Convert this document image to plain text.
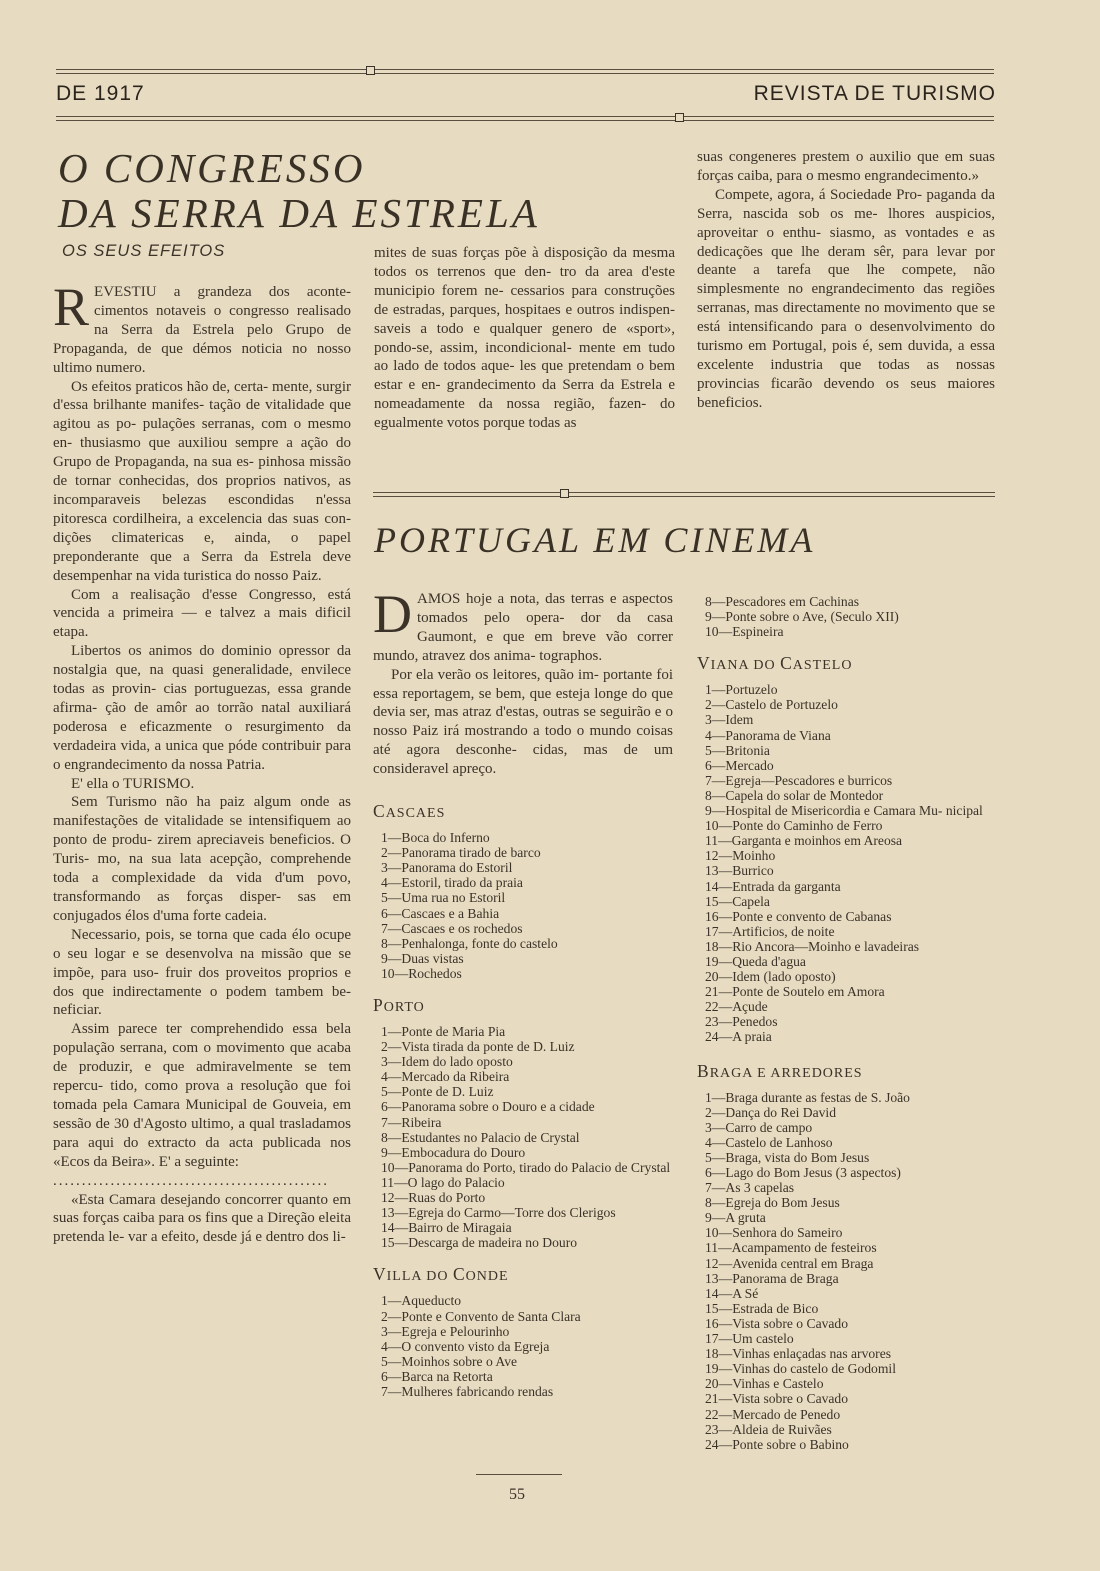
DE 1917	REVISTA DE TURISMO
O CONGRESSO
DA SERRA DA ESTRELA
OS SEUS EFEITOS
R EVESTIU a grandeza dos aconte- cimentos notaveis o congresso realisado na Serra da Estrela pelo Grupo de Propaganda, de que démos noticia no nosso ultimo numero.

Os efeitos praticos hão de, certa- mente, surgir d'essa brilhante manifes- tação de vitalidade que agitou as po- pulações serranas, com o mesmo en- thusiasmo que auxiliou sempre a ação do Grupo de Propaganda, na sua es- pinhosa missão de tornar conhecidas, dos proprios nativos, as incomparaveis belezas escondidas n'essa pitoresca cordilheira, a excelencia das suas con- dições climatericas e, ainda, o papel preponderante que a Serra da Estrela deve desempenhar na vida turistica do nosso Paiz.

Com a realisação d'esse Congresso, está vencida a primeira — e talvez a mais dificil etapa.

Libertos os animos do dominio opressor da nostalgia que, na quasi generalidade, envilece todas as provin- cias portuguezas, essa grande afirma- ção de amôr ao torrão natal auxiliará poderosa e eficazmente o resurgimento da verdadeira vida, a unica que póde contribuir para o engrandecimento da nossa Patria.

E' ella o TURISMO.

Sem Turismo não ha paiz algum onde as manifestações de vitalidade se intensifiquem ao ponto de produ- zirem apreciaveis beneficios. O Turis- mo, na sua lata acepção, comprehende toda a complexidade da vida d'um povo, transformando as forças disper- sas em conjugados élos d'uma forte cadeia.

Necessario, pois, se torna que cada élo ocupe o seu logar e se desenvolva na missão que se impõe, para uso- fruir dos proveitos proprios e dos que indirectamente o podem tambem be- neficiar.

Assim parece ter comprehendido essa bela população serrana, com o movimento que acaba de produzir, e que admiravelmente se tem repercu- tido, como prova a resolução que foi tomada pela Camara Municipal de Gouveia, em sessão de 30 d'Agosto ultimo, a qual trasladamos para aqui do extracto da acta publicada nos «Ecos da Beira». E' a seguinte:

................................................

«Esta Camara desejando concorrer quanto em suas forças caiba para os fins que a Direção eleita pretenda le- var a efeito, desde já e dentro dos li-

mites de suas forças põe à disposição da mesma todos os terrenos que den- tro da area d'este municipio forem ne- cessarios para construções de estradas, parques, hospitaes e outros indispen- saveis a todo e qualquer genero de «sport», pondo-se, assim, incondicional- mente em tudo ao lado de todos aque- les que pretendam o bem estar e en- grandecimento da Serra da Estrela e nomeadamente da nossa região, fazen- do egualmente votos porque todas as

suas congeneres prestem o auxilio que em suas forças caiba, para o mesmo engrandecimento.»

Compete, agora, á Sociedade Pro- paganda da Serra, nascida sob os me- lhores auspicios, aproveitar o enthu- siasmo, as vontades e as dedicações que lhe deram sêr, para levar por deante a tarefa que lhe compete, não simplesmente no engrandecimento das regiões serranas, mas directamente no movimento que se está intensificando para o desenvolvimento do turismo em Portugal, pois é, sem duvida, a essa excelente industria que todas as nossas provincias ficarão devendo os seus maiores beneficios.

PORTUGAL EM CINEMA
D AMOS hoje a nota, das terras e aspectos tomados pelo opera- dor da casa Gaumont, e que em breve vão correr mundo, atravez dos anima- tographos.

Por ela verão os leitores, quão im- portante foi essa reportagem, se bem, que esteja longe do que devia ser, mas atraz d'estas, outras se seguirão e o nosso Paiz irá mostrando a todo o mundo coisas até agora desconhe- cidas, mas de um consideravel apreço.

CASCAES
1—Boca do Inferno
2—Panorama tirado de barco
3—Panorama do Estoril
4—Estoril, tirado da praia
5—Uma rua no Estoril
6—Cascaes e a Bahia
7—Cascaes e os rochedos
8—Penhalonga, fonte do castelo
9—Duas vistas
10—Rochedos
PORTO
1—Ponte de Maria Pia
2—Vista tirada da ponte de D. Luiz
3—Idem do lado oposto
4—Mercado da Ribeira
5—Ponte de D. Luiz
6—Panorama sobre o Douro e a cidade
7—Ribeira
8—Estudantes no Palacio de Crystal
9—Embocadura do Douro
10—Panorama do Porto, tirado do Palacio de Crystal
11—O lago do Palacio
12—Ruas do Porto
13—Egreja do Carmo—Torre dos Clerigos
14—Bairro de Miragaia
15—Descarga de madeira no Douro
VILLA DO CONDE
1—Aqueducto
2—Ponte e Convento de Santa Clara
3—Egreja e Pelourinho
4—O convento visto da Egreja
5—Moinhos sobre o Ave
6—Barca na Retorta
7—Mulheres fabricando rendas
8—Pescadores em Cachinas
9—Ponte sobre o Ave, (Seculo XII)
10—Espineira
VIANA DO CASTELO
1—Portuzelo
2—Castelo de Portuzelo
3—Idem
4—Panorama de Viana
5—Britonia
6—Mercado
7—Egreja—Pescadores e burricos
8—Capela do solar de Montedor
9—Hospital de Misericordia e Camara Mu- nicipal
10—Ponte do Caminho de Ferro
11—Garganta e moinhos em Areosa
12—Moinho
13—Burrico
14—Entrada da garganta
15—Capela
16—Ponte e convento de Cabanas
17—Artificios, de noite
18—Rio Ancora—Moinho e lavadeiras
19—Queda d'agua
20—Idem (lado oposto)
21—Ponte de Soutelo em Amora
22—Açude
23—Penedos
24—A praia
BRAGA E ARREDORES
1—Braga durante as festas de S. João
2—Dança do Rei David
3—Carro de campo
4—Castelo de Lanhoso
5—Braga, vista do Bom Jesus
6—Lago do Bom Jesus (3 aspectos)
7—As 3 capelas
8—Egreja do Bom Jesus
9—A gruta
10—Senhora do Sameiro
11—Acampamento de festeiros
12—Avenida central em Braga
13—Panorama de Braga
14—A Sé
15—Estrada de Bico
16—Vista sobre o Cavado
17—Um castelo
18—Vinhas enlaçadas nas arvores
19—Vinhas do castelo de Godomil
20—Vinhas e Castelo
21—Vista sobre o Cavado
22—Mercado de Penedo
23—Aldeia de Ruivães
24—Ponte sobre o Babino
55
